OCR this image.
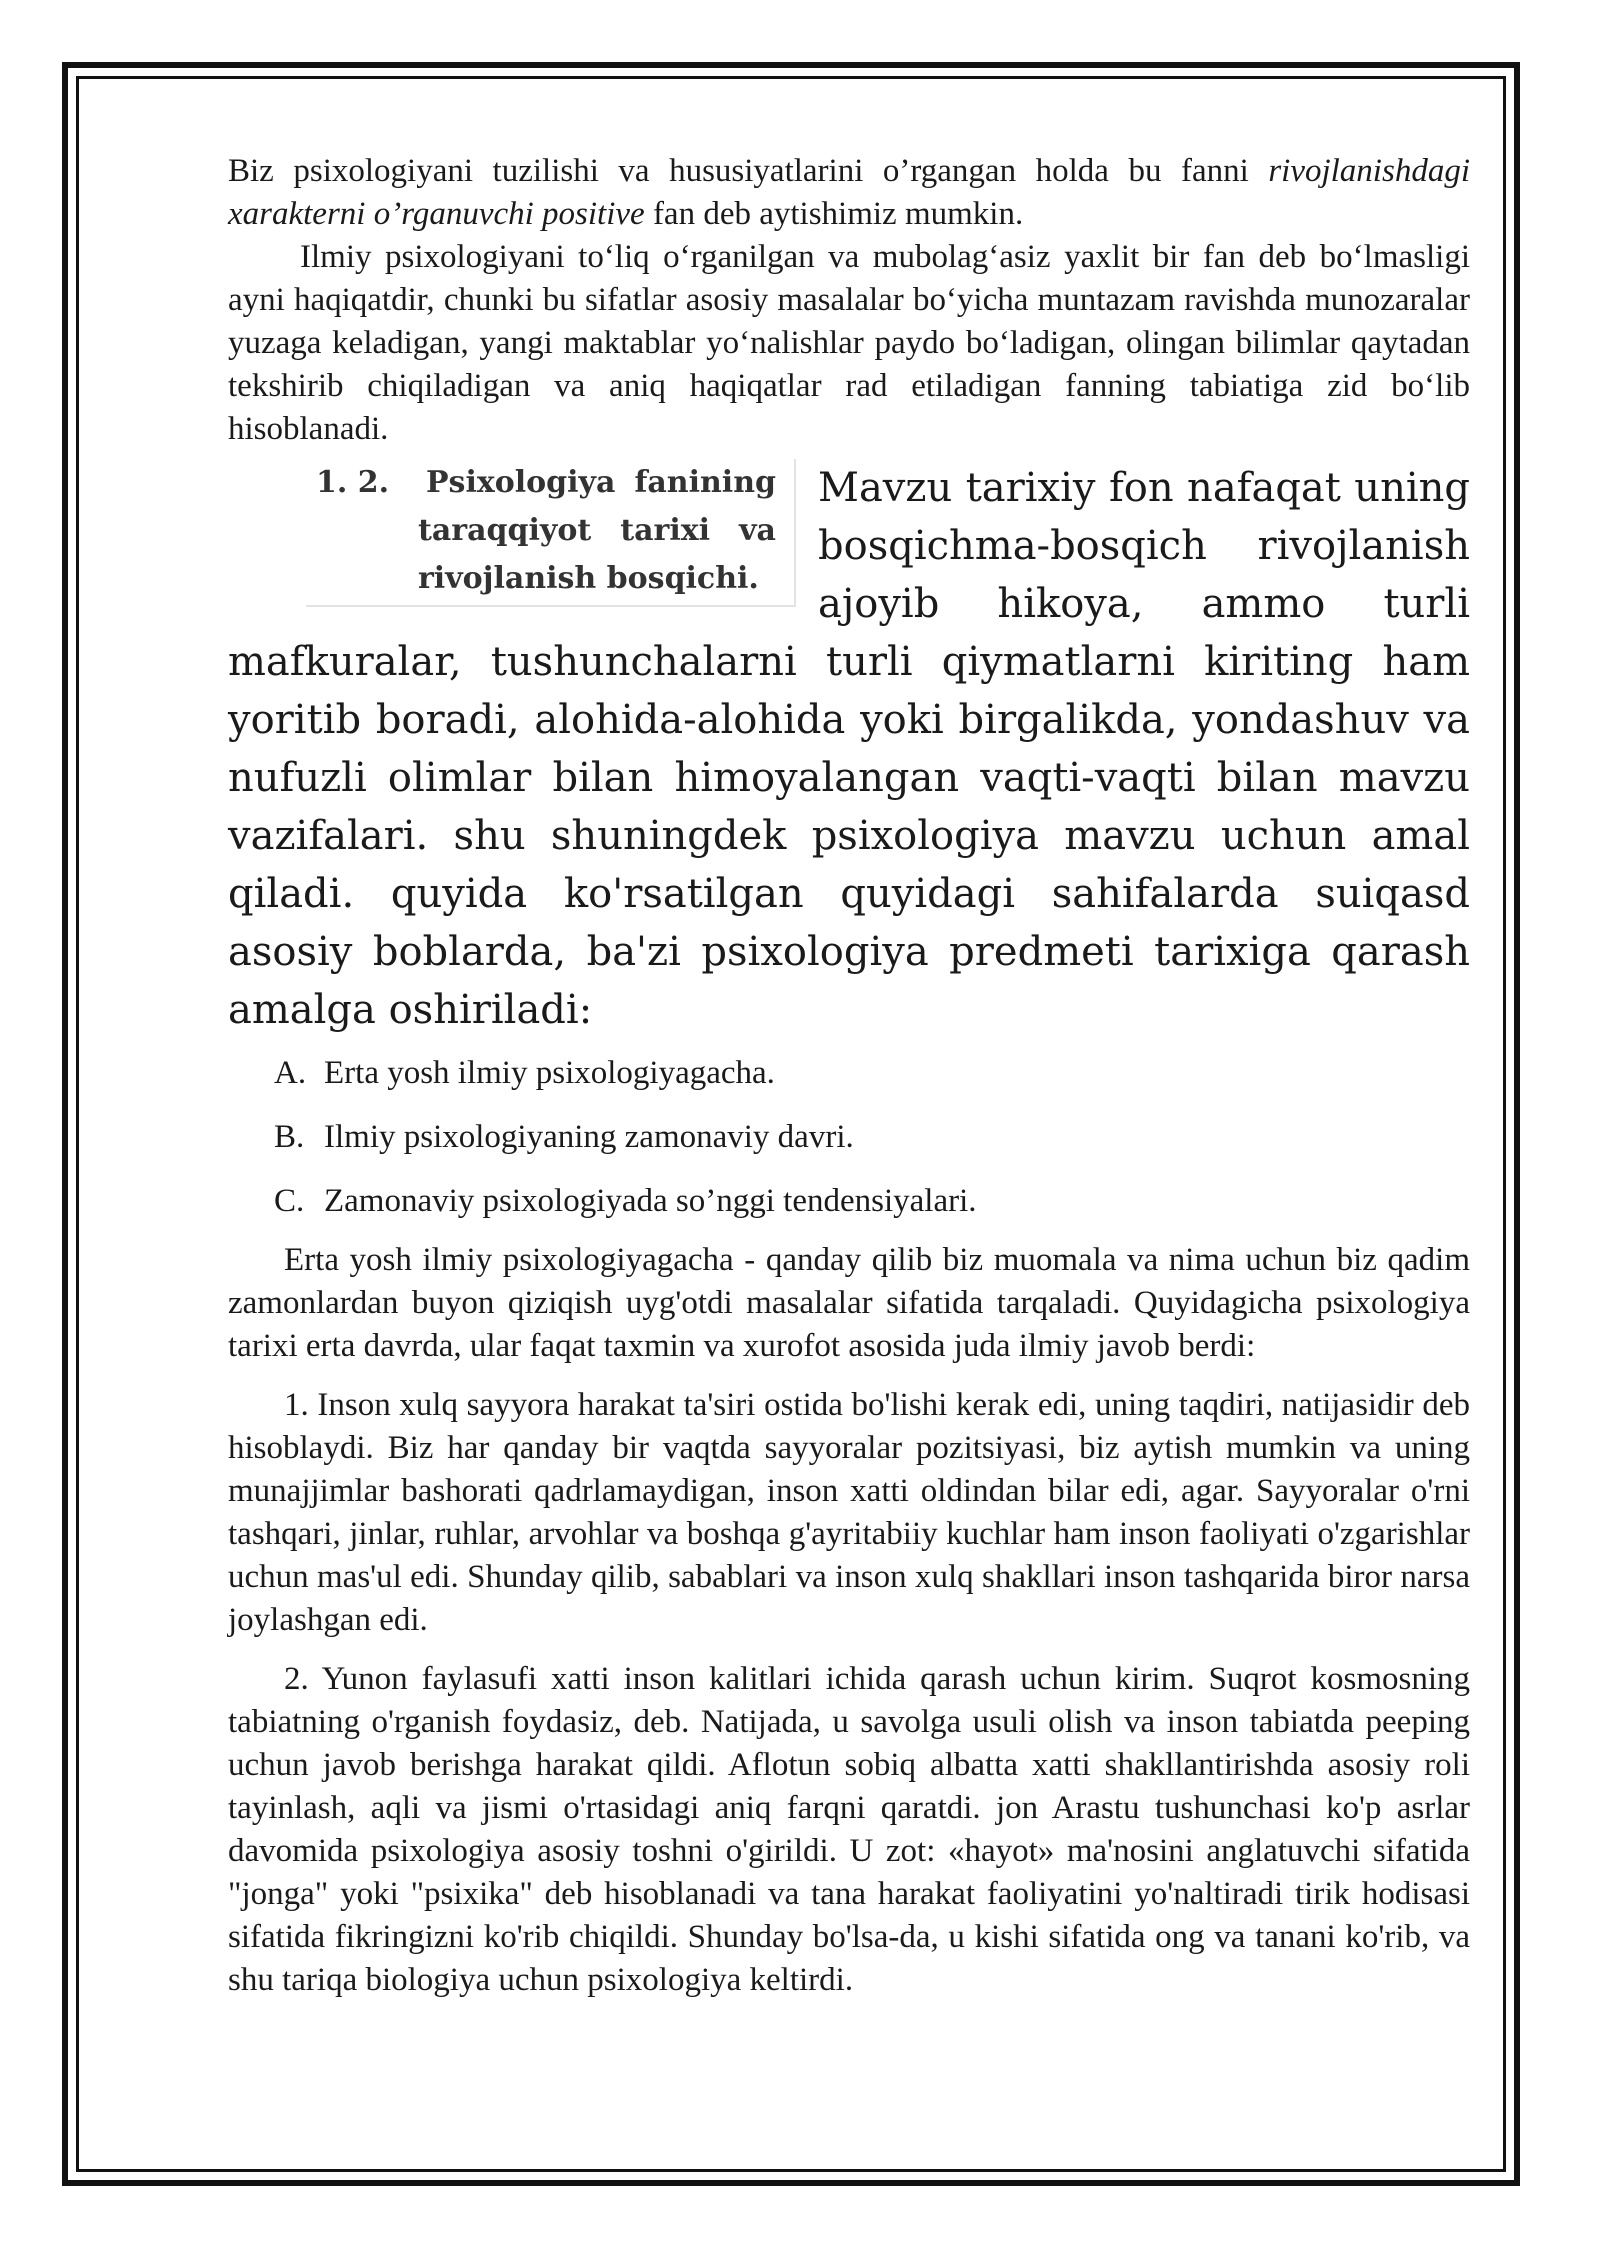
Biz psixologiyani tuzilishi va hususiyatlarini o’rgangan holda bu fanni rivojlanishdagi xarakterni o’rganuvchi positive fan deb aytishimiz mumkin.

Ilmiy psixologiyani to‘liq o‘rganilgan va mubolag‘asiz yaxlit bir fan deb bo‘lmasligi ayni haqiqatdir, chunki bu sifatlar asosiy masalalar bo‘yicha muntazam ravishda munozaralar yuzaga keladigan, yangi maktablar yo‘nalishlar paydo bo‘ladigan, olingan bilimlar qaytadan tekshirib chiqiladigan va aniq haqiqatlar rad etiladigan fanning tabiatiga zid bo‘lib hisoblanadi.

1. 2.	Psixologiya fanining
taraqqiyot tarixi va
rivojlanish bosqichi.

Mavzu tarixiy fon nafaqat uning bosqichma-bosqich rivojlanish ajoyib hikoya, ammo turli mafkuralar, tushunchalarni turli qiymatlarni kiriting ham yoritib boradi, alohida-alohida yoki birgalikda, yondashuv va nufuzli olimlar bilan himoyalangan vaqti-vaqti bilan mavzu vazifalari. shu shuningdek psixologiya mavzu uchun amal qiladi. quyida ko'rsatilgan quyidagi sahifalarda suiqasd asosiy boblarda, ba'zi psixologiya predmeti tarixiga qarash amalga oshiriladi:

A. Erta yosh ilmiy psixologiyagacha.
B. Ilmiy psixologiyaning zamonaviy davri.
C. Zamonaviy psixologiyada so’nggi tendensiyalari.

Erta yosh ilmiy psixologiyagacha - qanday qilib biz muomala va nima uchun biz qadim zamonlardan buyon qiziqish uyg'otdi masalalar sifatida tarqaladi. Quyidagicha psixologiya tarixi erta davrda, ular faqat taxmin va xurofot asosida juda ilmiy javob berdi:

1. Inson xulq sayyora harakat ta'siri ostida bo'lishi kerak edi, uning taqdiri, natijasidir deb hisoblaydi. Biz har qanday bir vaqtda sayyoralar pozitsiyasi, biz aytish mumkin va uning munajjimlar bashorati qadrlamaydigan, inson xatti oldindan bilar edi, agar. Sayyoralar o'rni tashqari, jinlar, ruhlar, arvohlar va boshqa g'ayritabiiy kuchlar ham inson faoliyati o'zgarishlar uchun mas'ul edi. Shunday qilib, sabablari va inson xulq shakllari inson tashqarida biror narsa joylashgan edi.

2. Yunon faylasufi xatti inson kalitlari ichida qarash uchun kirim. Suqrot kosmosning tabiatning o'rganish foydasiz, deb. Natijada, u savolga usuli olish va inson tabiatda peeping uchun javob berishga harakat qildi. Aflotun sobiq albatta xatti shakllantirishda asosiy roli tayinlash, aqli va jismi o'rtasidagi aniq farqni qaratdi. jon Arastu tushunchasi ko'p asrlar davomida psixologiya asosiy toshni o'girildi. U zot: «hayot» ma'nosini anglatuvchi sifatida "jonga" yoki "psixika" deb hisoblanadi va tana harakat faoliyatini yo'naltiradi tirik hodisasi sifatida fikringizni ko'rib chiqildi. Shunday bo'lsa-da, u kishi sifatida ong va tanani ko'rib, va shu tariqa biologiya uchun psixologiya keltirdi.
